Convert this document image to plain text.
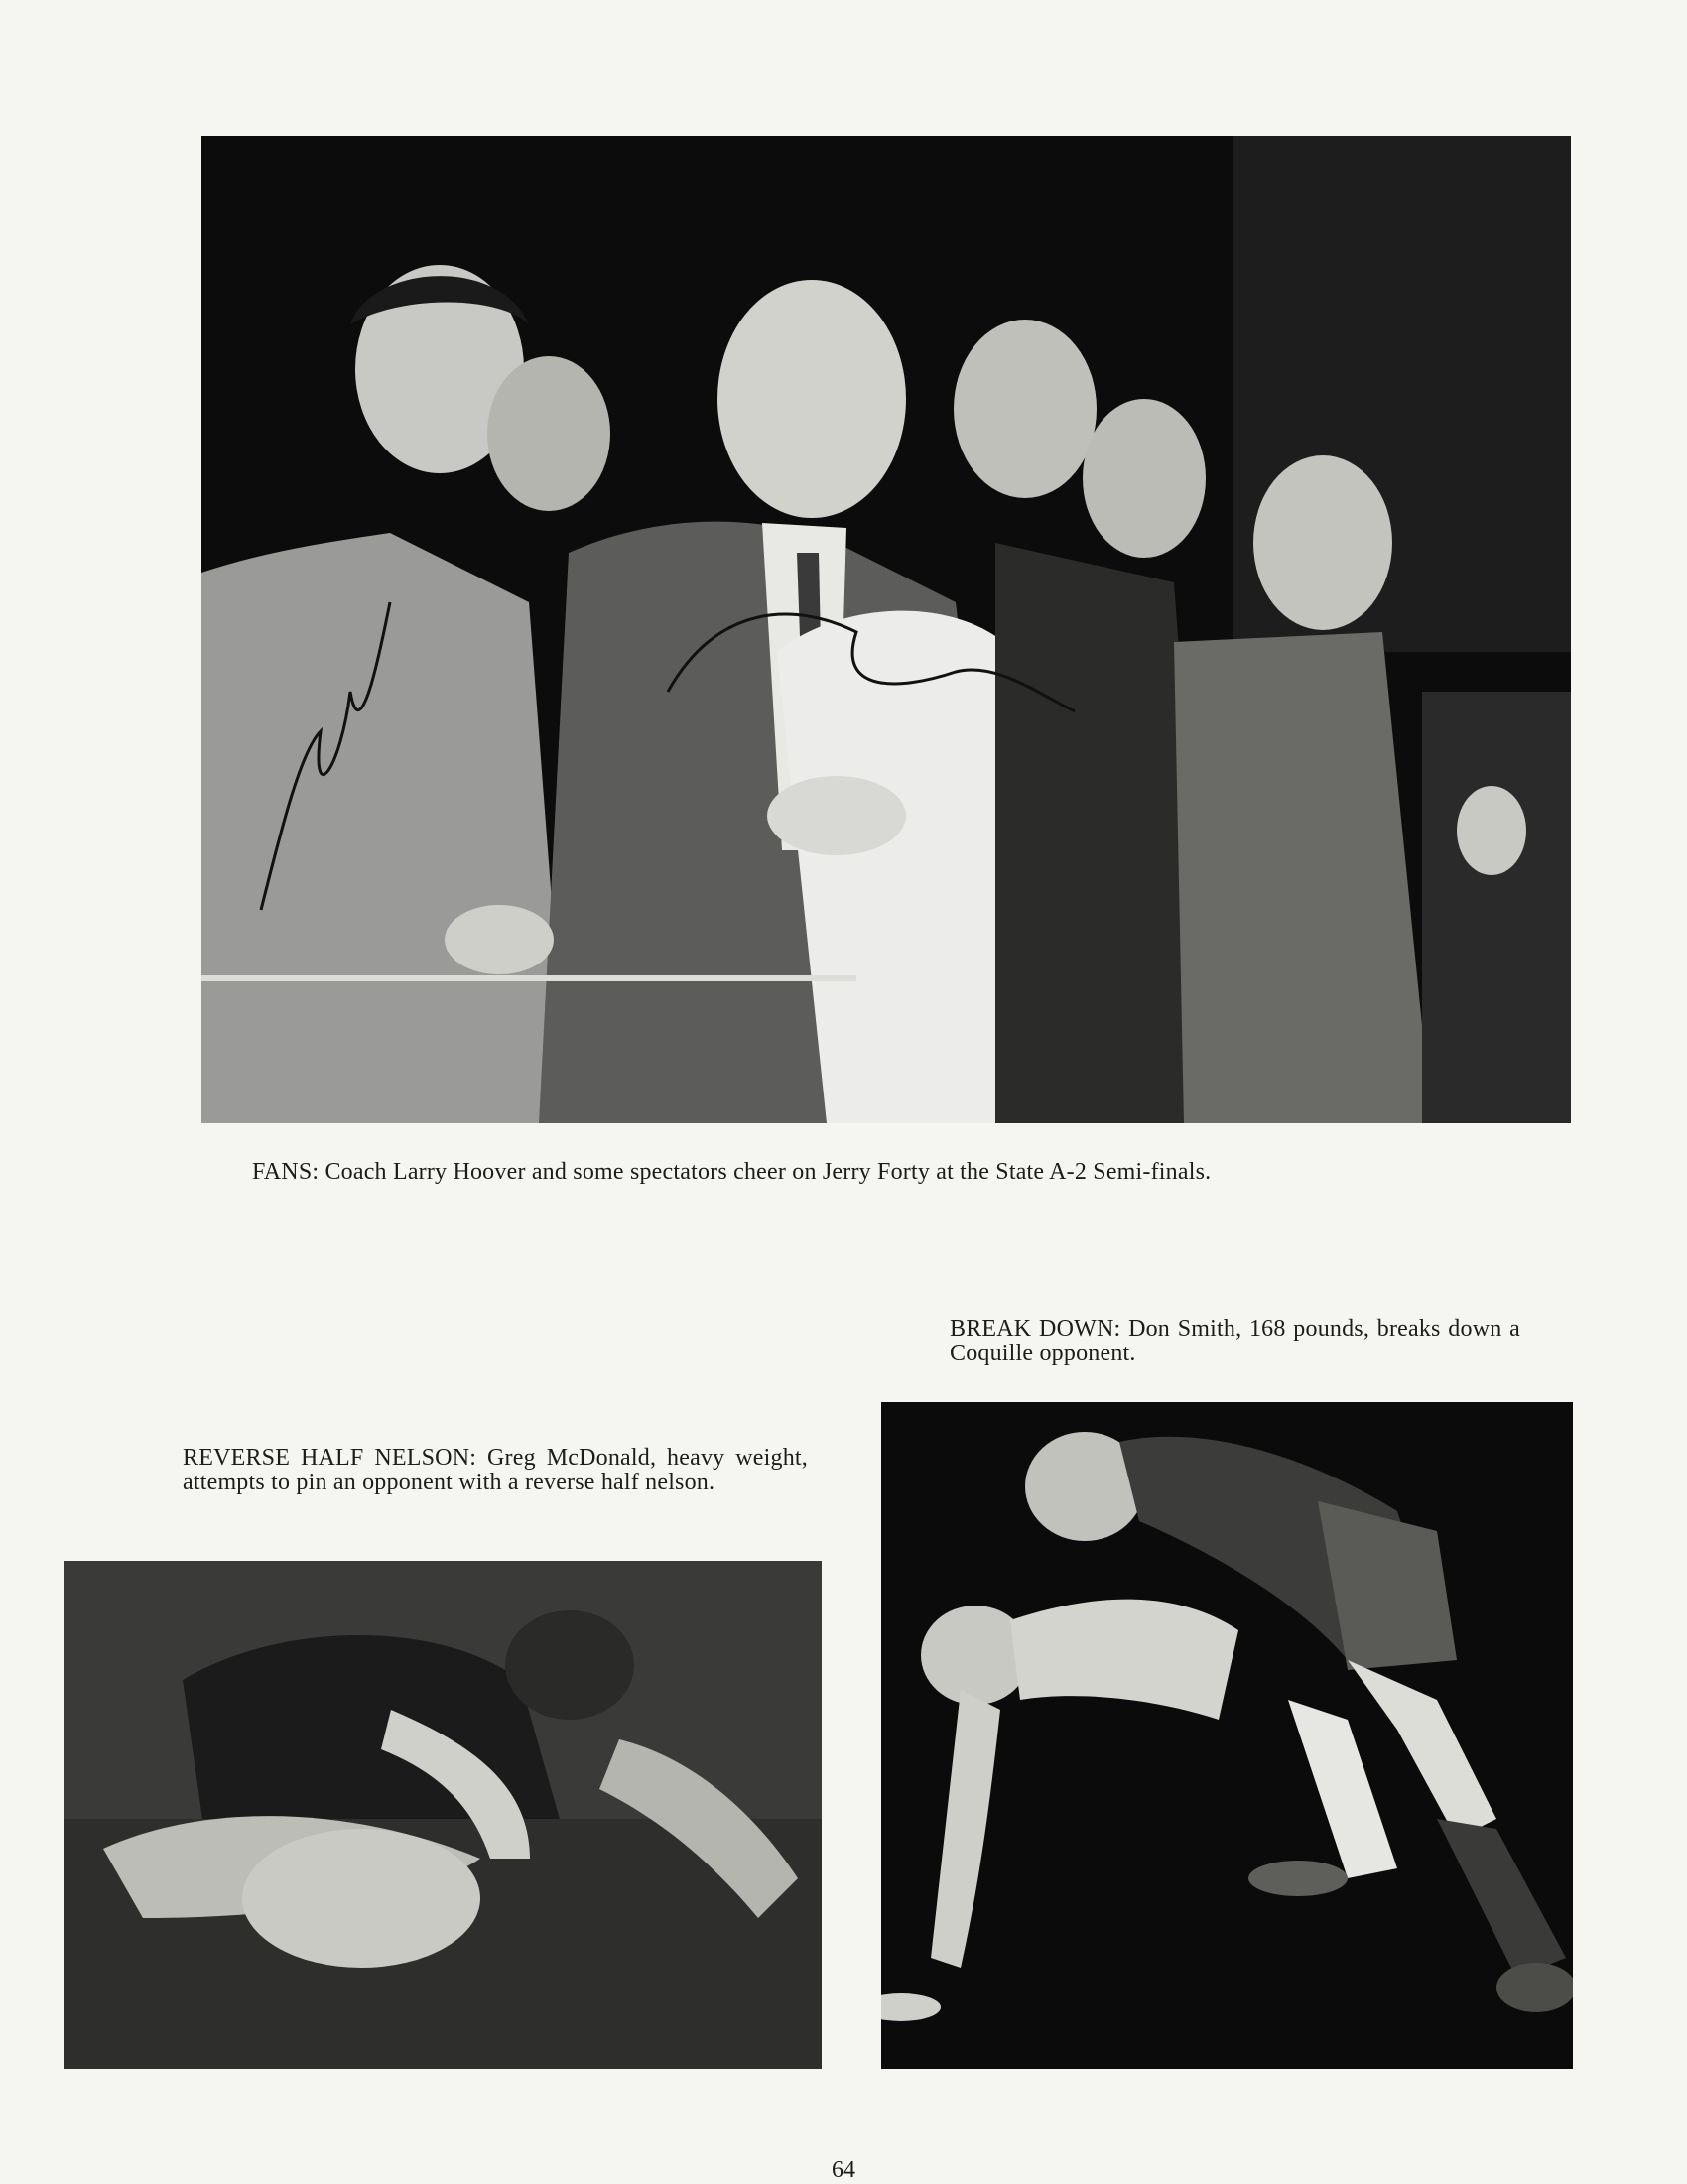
FANS: Coach Larry Hoover and some spectators cheer on Jerry Forty at the State A-2 Semi-finals.
BREAK DOWN: Don Smith, 168 pounds, breaks down a Coquille opponent.
REVERSE HALF NELSON: Greg McDonald, heavy weight, attempts to pin an opponent with a reverse half nelson.
64
